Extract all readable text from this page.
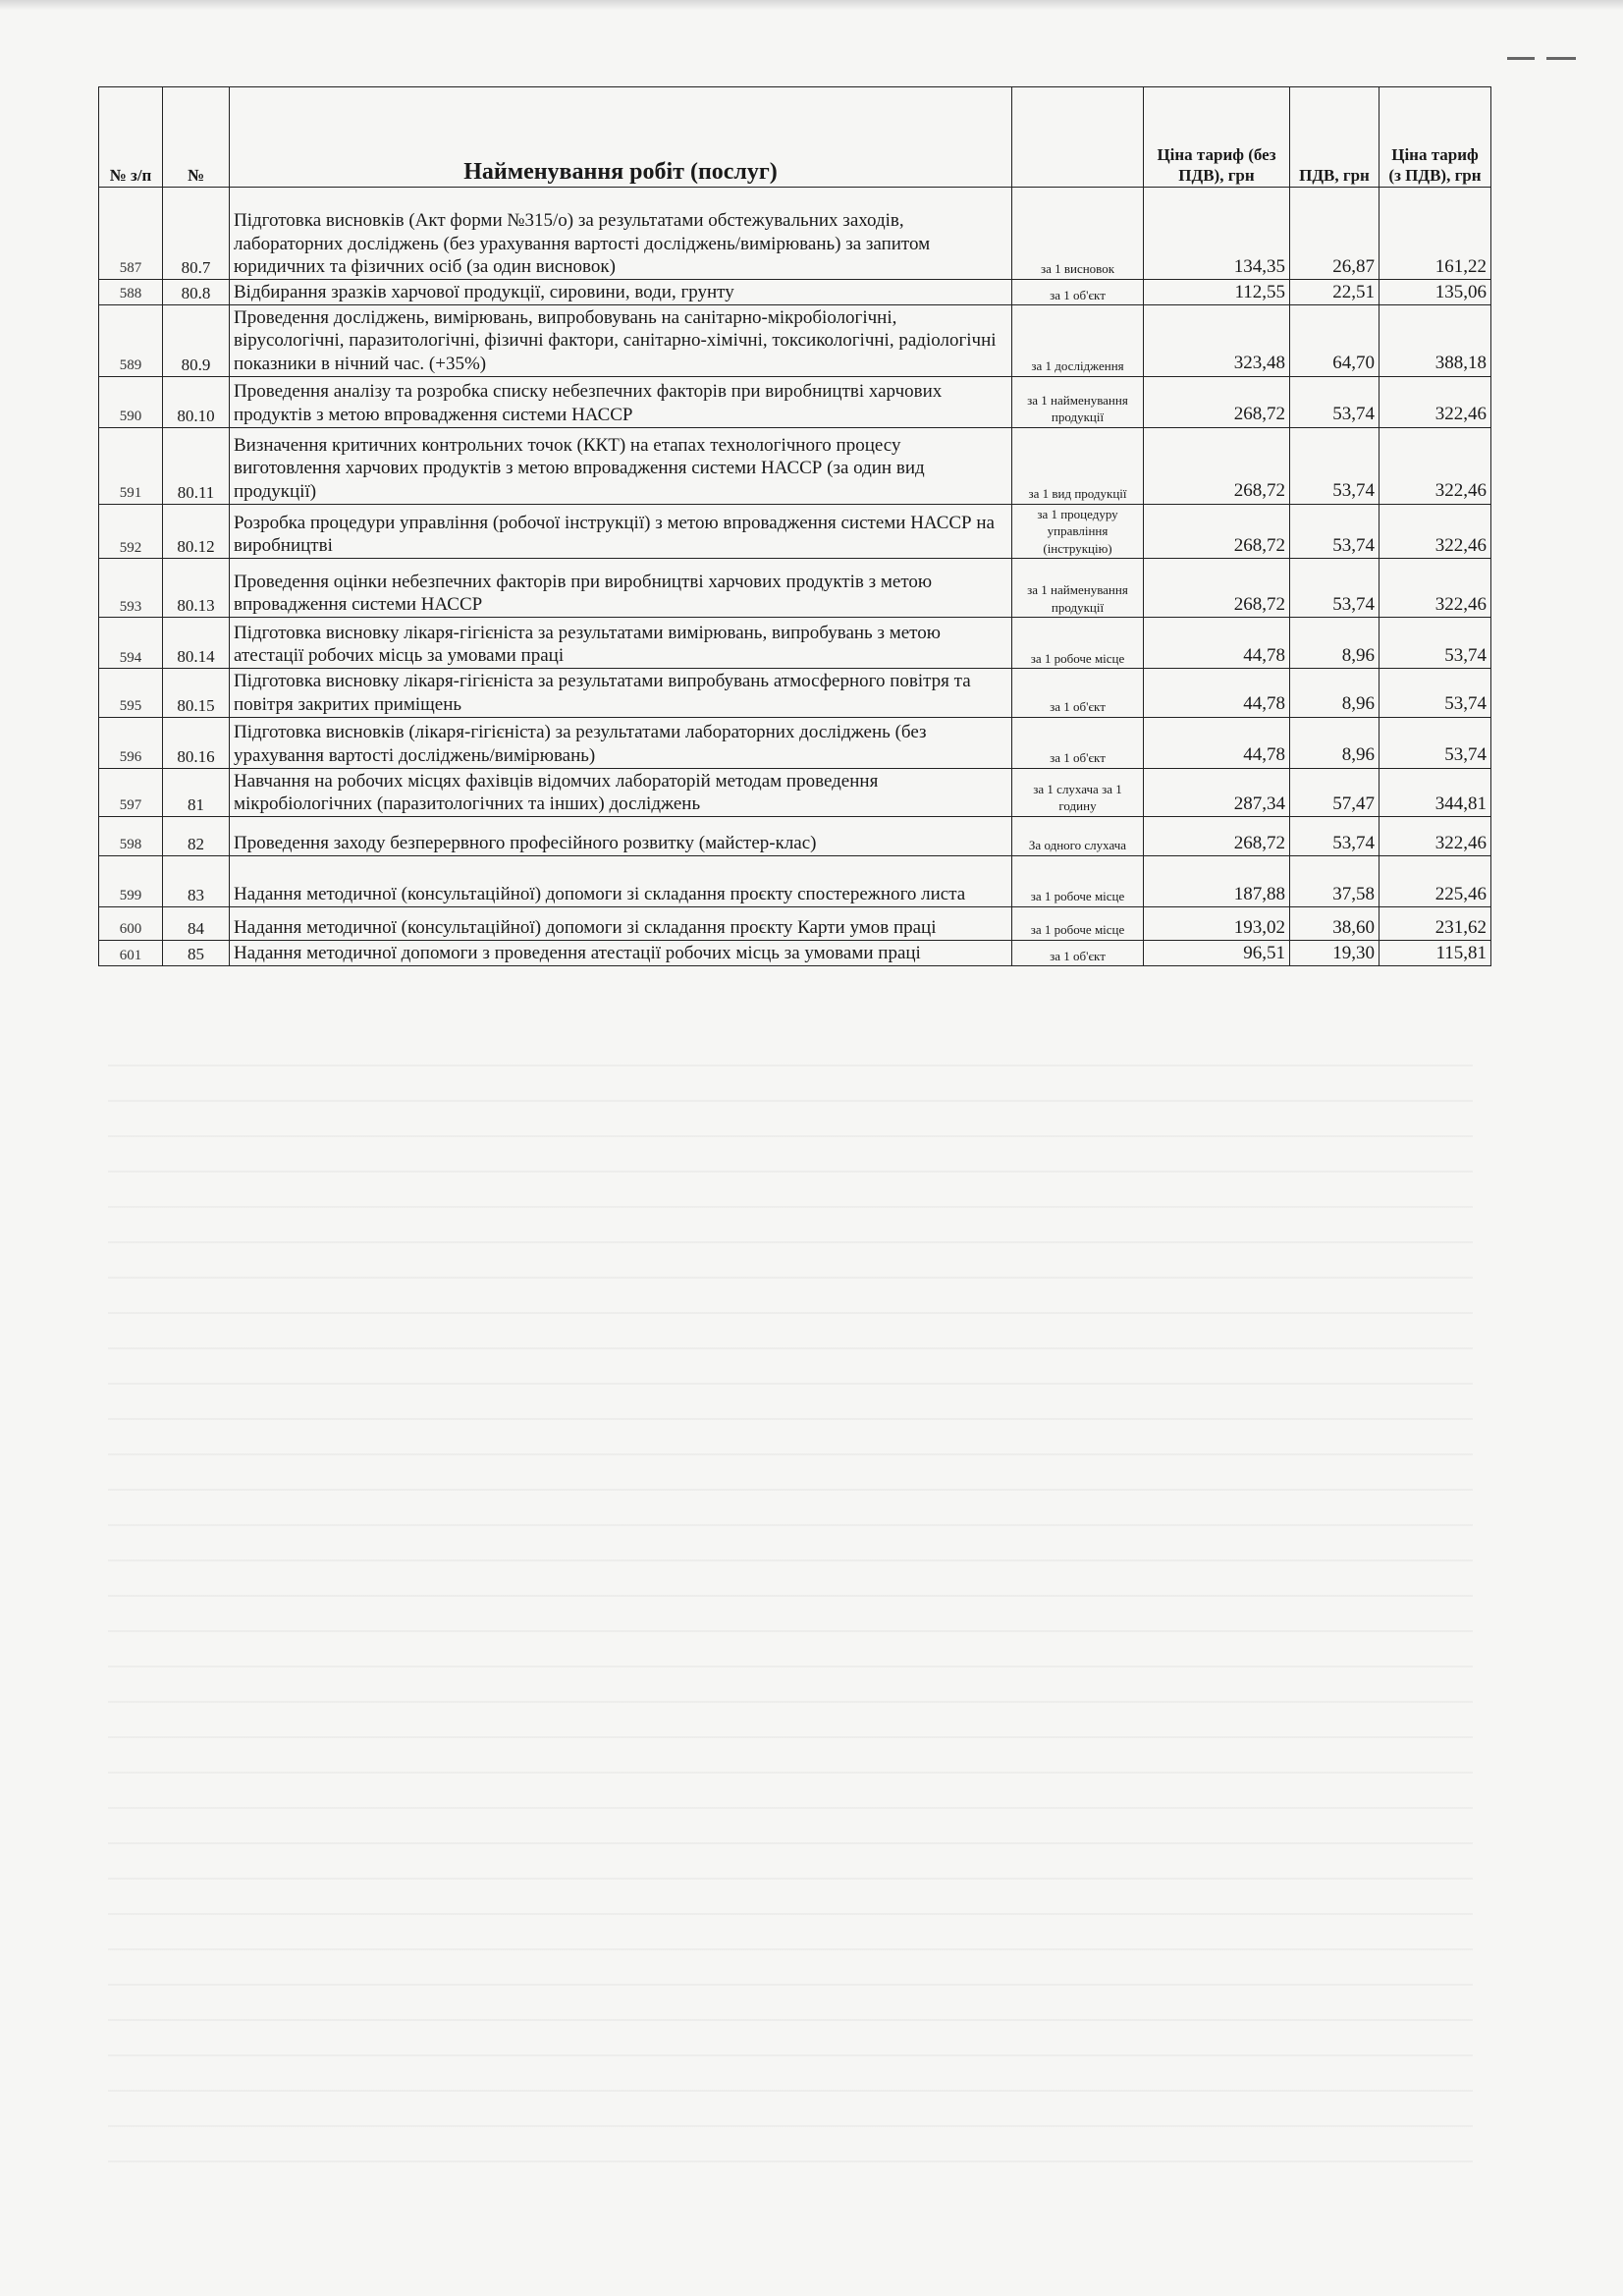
№ з/п	№	Найменування робіт (послуг)		Ціна тариф (без ПДВ), грн	ПДВ, грн	Ціна тариф (з ПДВ), грн
587	80.7	Підготовка висновків (Акт форми №315/о) за результатами обстежувальних заходів, лабораторних досліджень (без урахування вартості досліджень/вимірювань) за запитом юридичних та фізичних осіб (за один висновок)	за 1 висновок	134,35	26,87	161,22
588	80.8	Відбирання зразків харчової продукції, сировини, води, грунту	за 1 об'єкт	112,55	22,51	135,06
589	80.9	Проведення досліджень, вимірювань, випробовувань на санітарно-мікробіологічні, вірусологічні, паразитологічні, фізичні фактори, санітарно-хімічні, токсикологічні, радіологічні показники в нічний час. (+35%)	за 1 дослідження	323,48	64,70	388,18
590	80.10	Проведення аналізу та розробка списку небезпечних факторів при виробництві харчових продуктів з метою впровадження системи НАССР	за 1 найменування продукції	268,72	53,74	322,46
591	80.11	Визначення критичних контрольних точок (ККТ) на етапах технологічного процесу виготовлення харчових продуктів з метою впровадження системи НАССР (за один вид продукції)	за 1 вид продукції	268,72	53,74	322,46
592	80.12	Розробка процедури управління (робочої інструкції) з метою впровадження системи НАССР на виробництві	за 1 процедуру управління (інструкцію)	268,72	53,74	322,46
593	80.13	Проведення оцінки небезпечних факторів при виробництві харчових продуктів з метою впровадження системи НАССР	за 1 найменування продукції	268,72	53,74	322,46
594	80.14	Підготовка висновку лікаря-гігієніста за результатами вимірювань, випробувань з метою атестації робочих місць за умовами праці	за 1 робоче місце	44,78	8,96	53,74
595	80.15	Підготовка висновку лікаря-гігієніста за результатами випробувань атмосферного повітря та повітря закритих приміщень	за 1 об'єкт	44,78	8,96	53,74
596	80.16	Підготовка висновків (лікаря-гігієніста) за результатами лабораторних досліджень (без урахування вартості досліджень/вимірювань)	за 1 об'єкт	44,78	8,96	53,74
597	81	Навчання на робочих місцях фахівців відомчих лабораторій методам проведення мікробіологічних (паразитологічних та інших) досліджень	за 1 слухача за 1 годину	287,34	57,47	344,81
598	82	Проведення заходу безперервного професійного розвитку (майстер-клас)	За одного слухача	268,72	53,74	322,46
599	83	Надання методичної (консультаційної) допомоги зі складання проєкту спостережного листа	за 1 робоче місце	187,88	37,58	225,46
600	84	Надання методичної (консультаційної) допомоги зі складання проєкту Карти умов праці	за 1 робоче місце	193,02	38,60	231,62
601	85	Надання методичної допомоги з проведення атестації робочих місць за умовами праці	за 1 об'єкт	96,51	19,30	115,81
